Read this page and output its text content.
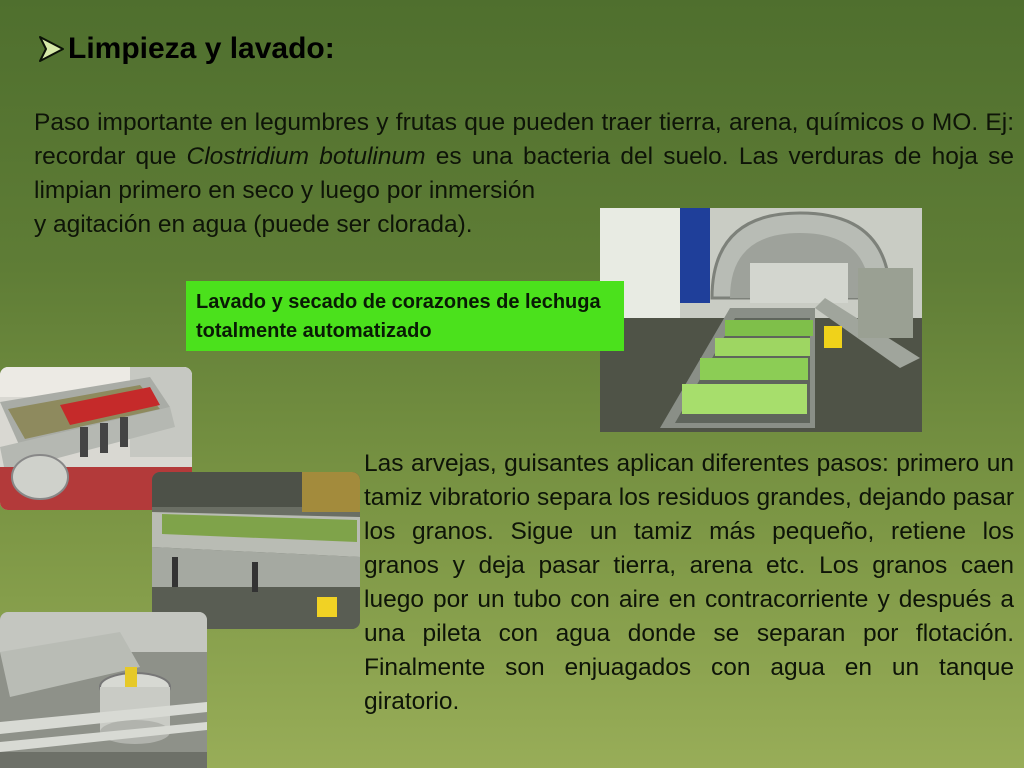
Limpieza y lavado:
Paso importante en legumbres y frutas que pueden traer tierra, arena, químicos o MO. Ej: recordar que Clostridium botulinum es una bacteria del suelo. Las verduras de hoja se limpian primero en seco y luego por inmersión
y agitación en agua (puede ser clorada).
Lavado y secado de corazones de lechuga totalmente automatizado
Las arvejas, guisantes aplican diferentes pasos: primero un tamiz vibratorio separa los residuos grandes, dejando pasar los granos. Sigue un tamiz más pequeño, retiene los granos y deja pasar tierra, arena etc. Los granos caen luego por un tubo con aire en contracorriente y después a una pileta con agua donde se separan por flotación. Finalmente son enjuagados con agua en un tanque giratorio.
